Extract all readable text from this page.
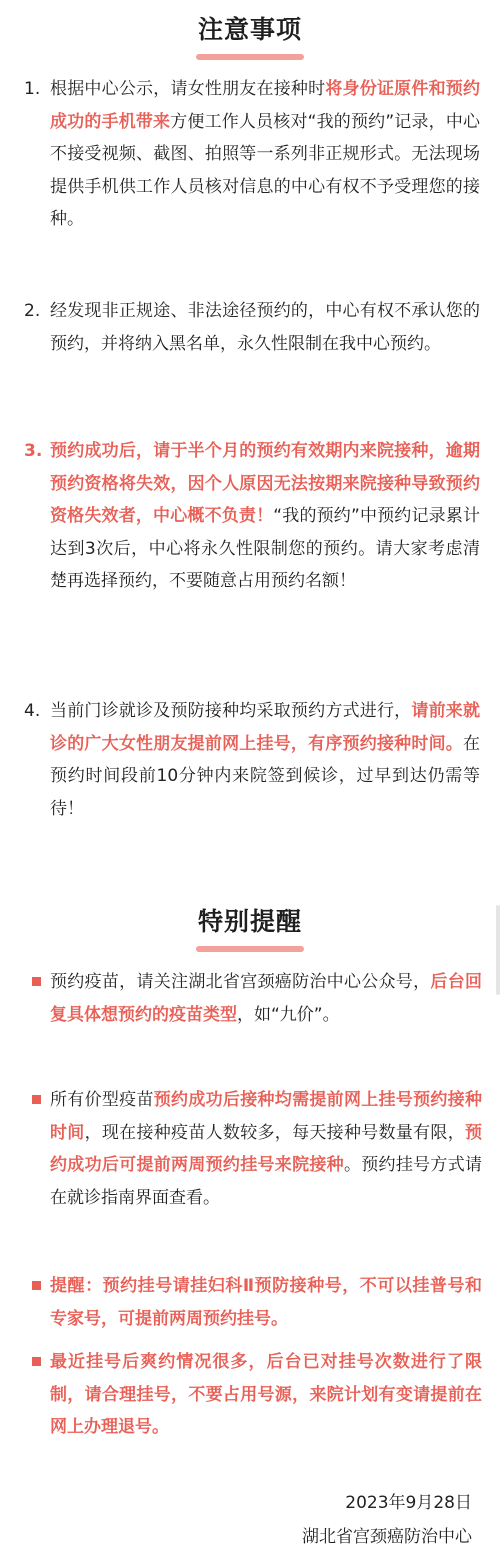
注意事项
1. 根据中心公示，请女性朋友在接种时将身份证原件和预约成功的手机带来方便工作人员核对“我的预约”记录，中心不接受视频、截图、拍照等一系列非正规形式。无法现场提供手机供工作人员核对信息的中心有权不予受理您的接种。
2. 经发现非正规途、非法途径预约的，中心有权不承认您的预约，并将纳入黑名单，永久性限制在我中心预约。
3. 预约成功后，请于半个月的预约有效期内来院接种，逾期预约资格将失效，因个人原因无法按期来院接种导致预约资格失效者，中心概不负责！“我的预约”中预约记录累计达到3次后，中心将永久性限制您的预约。请大家考虑清楚再选择预约，不要随意占用预约名额！
4. 当前门诊就诊及预防接种均采取预约方式进行，请前来就诊的广大女性朋友提前网上挂号，有序预约接种时间。在预约时间段前10分钟内来院签到候诊，过早到达仍需等待！
特别提醒
预约疫苗，请关注湖北省宫颈癌防治中心公众号，后台回复具体想预约的疫苗类型，如“九价”。
所有价型疫苗预约成功后接种均需提前网上挂号预约接种时间，现在接种疫苗人数较多，每天接种号数量有限，预约成功后可提前两周预约挂号来院接种。预约挂号方式请在就诊指南界面查看。
提醒：预约挂号请挂妇科Ⅱ预防接种号，不可以挂普号和专家号，可提前两周预约挂号。
最近挂号后爽约情况很多，后台已对挂号次数进行了限制，请合理挂号，不要占用号源，来院计划有变请提前在网上办理退号。
2023年9月28日
湖北省宫颈癌防治中心
